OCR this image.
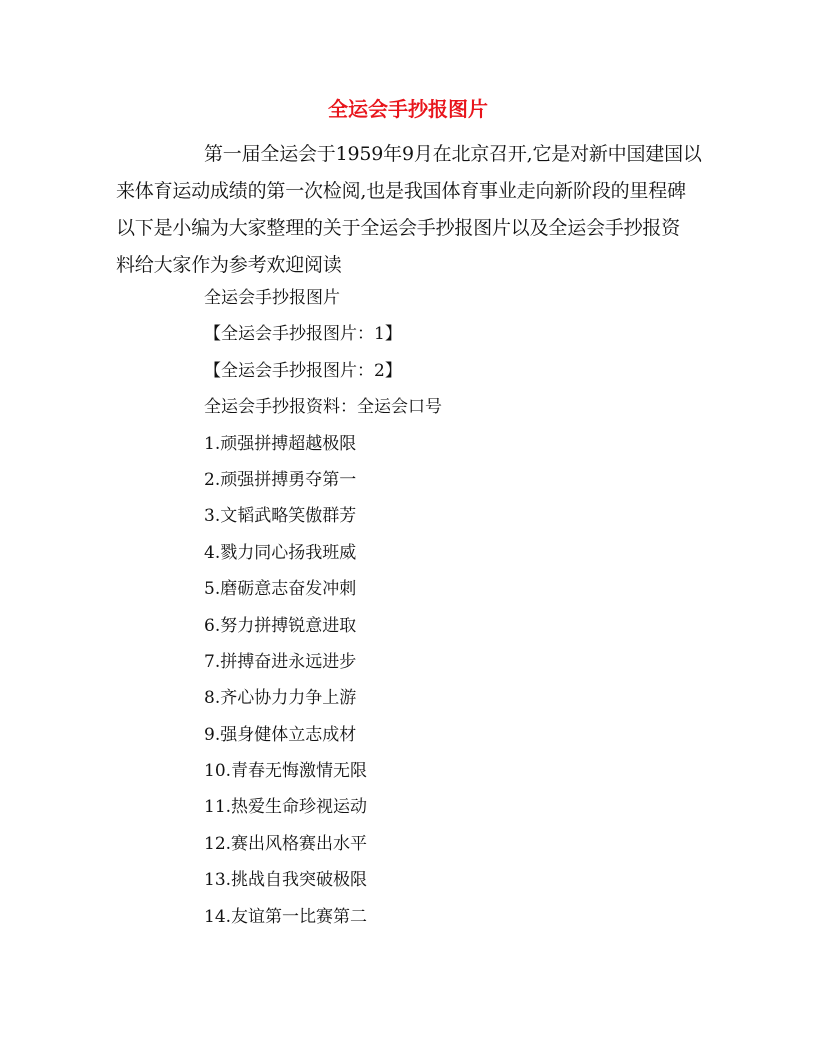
全运会手抄报图片
第一届全运会于1959年9月在北京召开,它是对新中国建国以
来体育运动成绩的第一次检阅,也是我国体育事业走向新阶段的里程碑
以下是小编为大家整理的关于全运会手抄报图片以及全运会手抄报资
料给大家作为参考欢迎阅读
全运会手抄报图片
【全运会手抄报图片：1】
【全运会手抄报图片：2】
全运会手抄报资料：全运会口号
1.顽强拼搏超越极限
2.顽强拼搏勇夺第一
3.文韬武略笑傲群芳
4.戮力同心扬我班威
5.磨砺意志奋发冲刺
6.努力拼搏锐意进取
7.拼搏奋进永远进步
8.齐心协力力争上游
9.强身健体立志成材
10.青春无悔激情无限
11.热爱生命珍视运动
12.赛出风格赛出水平
13.挑战自我突破极限
14.友谊第一比赛第二
